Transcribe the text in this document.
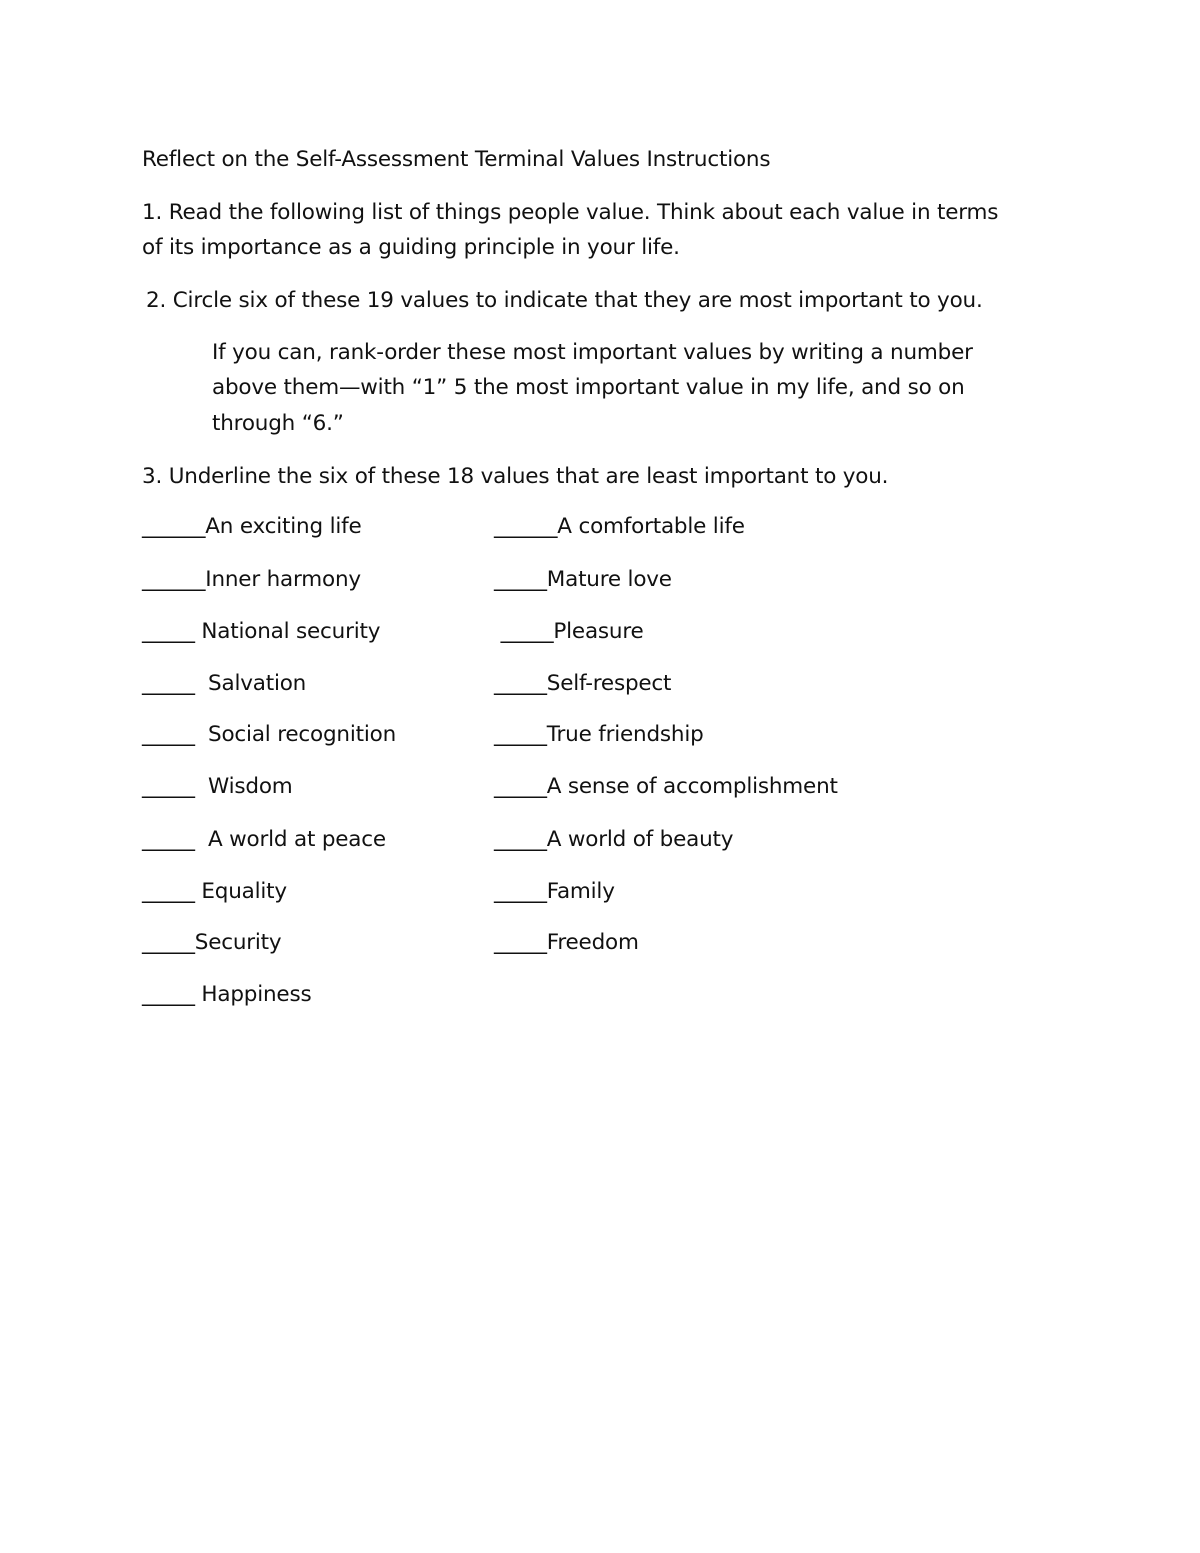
Reflect on the Self-Assessment Terminal Values Instructions
1. Read the following list of things people value. Think about each value in terms
of its importance as a guiding principle in your life.
2. Circle six of these 19 values to indicate that they are most important to you.
If you can, rank-order these most important values by writing a number
above them—with “1” 5 the most important value in my life, and so on
through “6.”
3. Underline the six of these 18 values that are least important to you.
______An exciting life
______Inner harmony
_____ National security
_____  Salvation
_____  Social recognition
_____  Wisdom
_____  A world at peace
_____ Equality
_____Security
_____ Happiness
______A comfortable life
_____Mature love
_____Pleasure
_____Self-respect
_____True friendship
_____A sense of accomplishment
_____A world of beauty
_____Family
_____Freedom
